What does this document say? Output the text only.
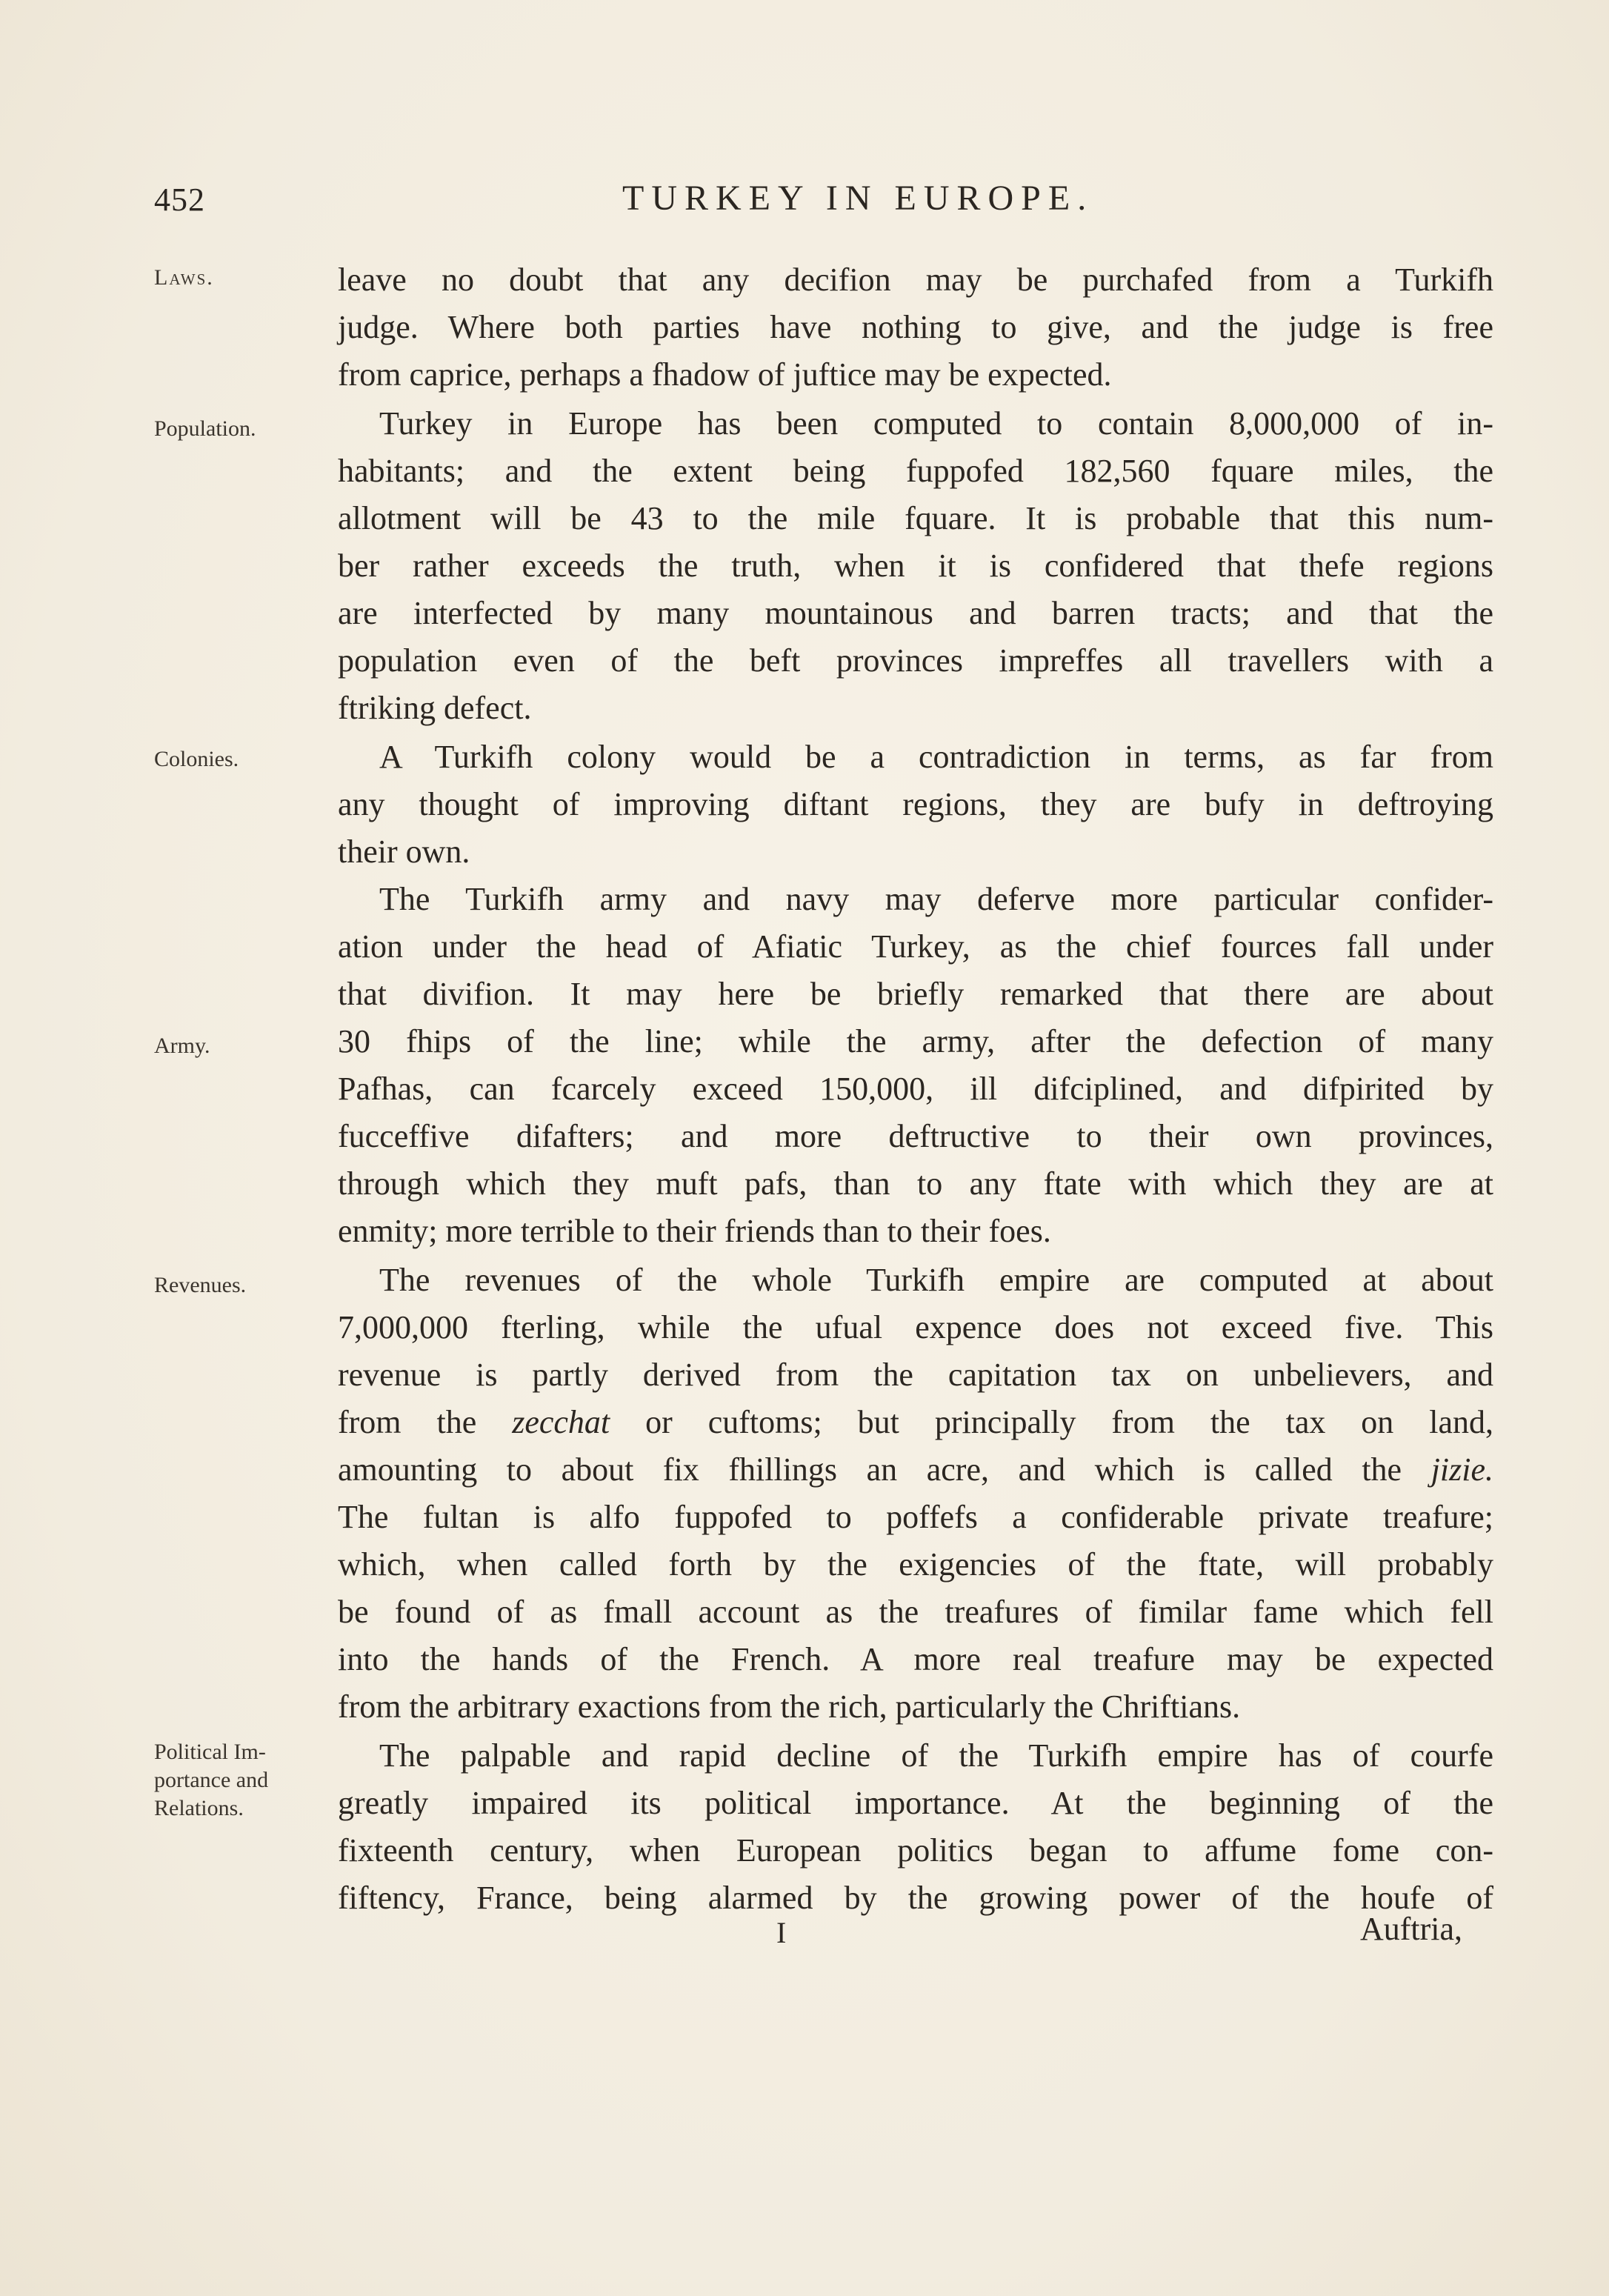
452	TURKEY IN EUROPE.
Laws.
Population.
Colonies.
Army.
Revenues.
Political Im-
portance and
Relations.
leave no doubt that any decifion may be purchafed from a Turkifh
judge. Where both parties have nothing to give, and the judge is free
from caprice, perhaps a fhadow of juftice may be expected.
Turkey in Europe has been computed to contain 8,000,000 of in-
habitants; and the extent being fuppofed 182,560 fquare miles, the
allotment will be 43 to the mile fquare. It is probable that this num-
ber rather exceeds the truth, when it is confidered that thefe regions
are interfected by many mountainous and barren tracts; and that the
population even of the beft provinces impreffes all travellers with a
ftriking defect.
A Turkifh colony would be a contradiction in terms, as far from
any thought of improving diftant regions, they are bufy in deftroying
their own.
The Turkifh army and navy may deferve more particular confider-
ation under the head of Afiatic Turkey, as the chief fources fall under
that divifion. It may here be briefly remarked that there are about
30 fhips of the line; while the army, after the defection of many
Pafhas, can fcarcely exceed 150,000, ill difciplined, and difpirited by
fucceffive difafters; and more deftructive to their own provinces,
through which they muft pafs, than to any ftate with which they are at
enmity; more terrible to their friends than to their foes.
The revenues of the whole Turkifh empire are computed at about
7,000,000 fterling, while the ufual expence does not exceed five. This
revenue is partly derived from the capitation tax on unbelievers, and
from the zecchat or cuftoms; but principally from the tax on land,
amounting to about fix fhillings an acre, and which is called the jizie.
The fultan is alfo fuppofed to poffefs a confiderable private treafure;
which, when called forth by the exigencies of the ftate, will probably
be found of as fmall account as the treafures of fimilar fame which fell
into the hands of the French. A more real treafure may be expected
from the arbitrary exactions from the rich, particularly the Chriftians.
The palpable and rapid decline of the Turkifh empire has of courfe
greatly impaired its political importance. At the beginning of the
fixteenth century, when European politics began to affume fome con-
fiftency, France, being alarmed by the growing power of the houfe of
I	Auftria,
